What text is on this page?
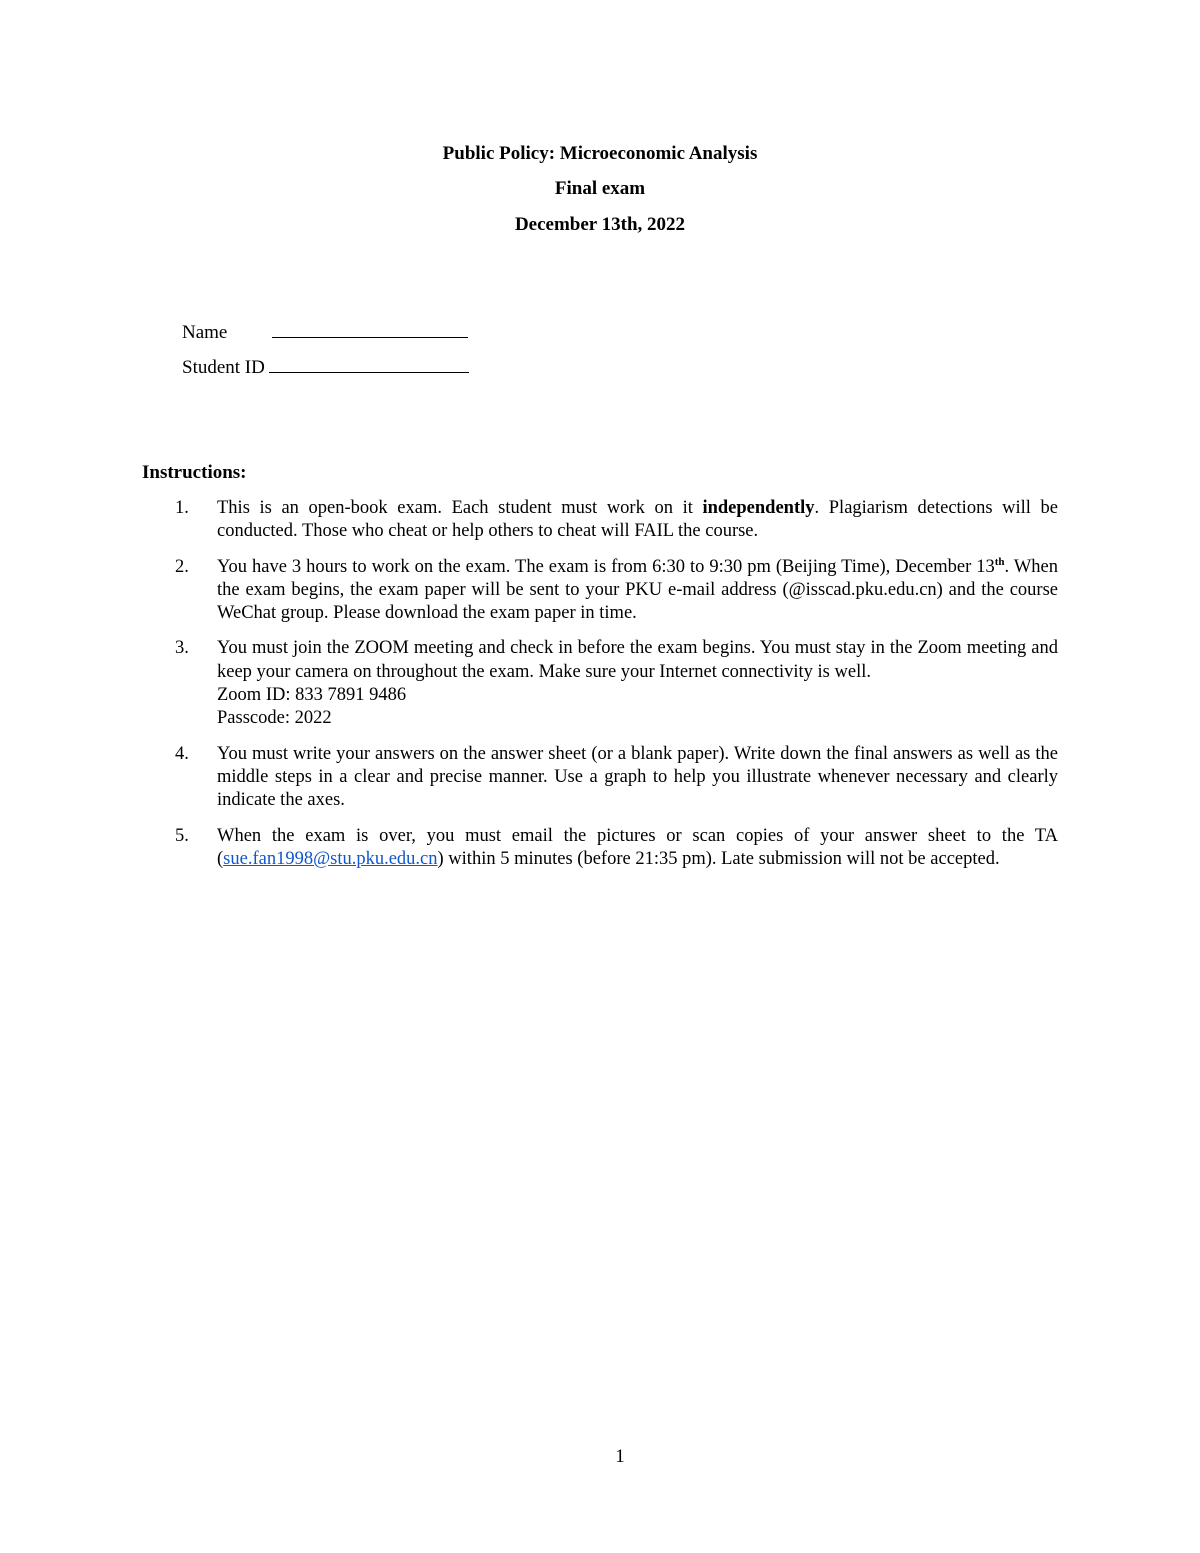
Public Policy: Microeconomic Analysis
Final exam
December 13th, 2022
Name
Student ID
Instructions:
1. This is an open-book exam. Each student must work on it independently. Plagiarism detections will be conducted. Those who cheat or help others to cheat will FAIL the course.

2. You have 3 hours to work on the exam. The exam is from 6:30 to 9:30 pm (Beijing Time), December 13th. When the exam begins, the exam paper will be sent to your PKU e-mail address (@isscad.pku.edu.cn) and the course WeChat group. Please download the exam paper in time.

3. You must join the ZOOM meeting and check in before the exam begins. You must stay in the Zoom meeting and keep your camera on throughout the exam. Make sure your Internet connectivity is well.
Zoom ID: 833 7891 9486
Passcode: 2022

4. You must write your answers on the answer sheet (or a blank paper). Write down the final answers as well as the middle steps in a clear and precise manner. Use a graph to help you illustrate whenever necessary and clearly indicate the axes.

5. When the exam is over, you must email the pictures or scan copies of your answer sheet to the TA (sue.fan1998@stu.pku.edu.cn) within 5 minutes (before 21:35 pm). Late submission will not be accepted.

1
